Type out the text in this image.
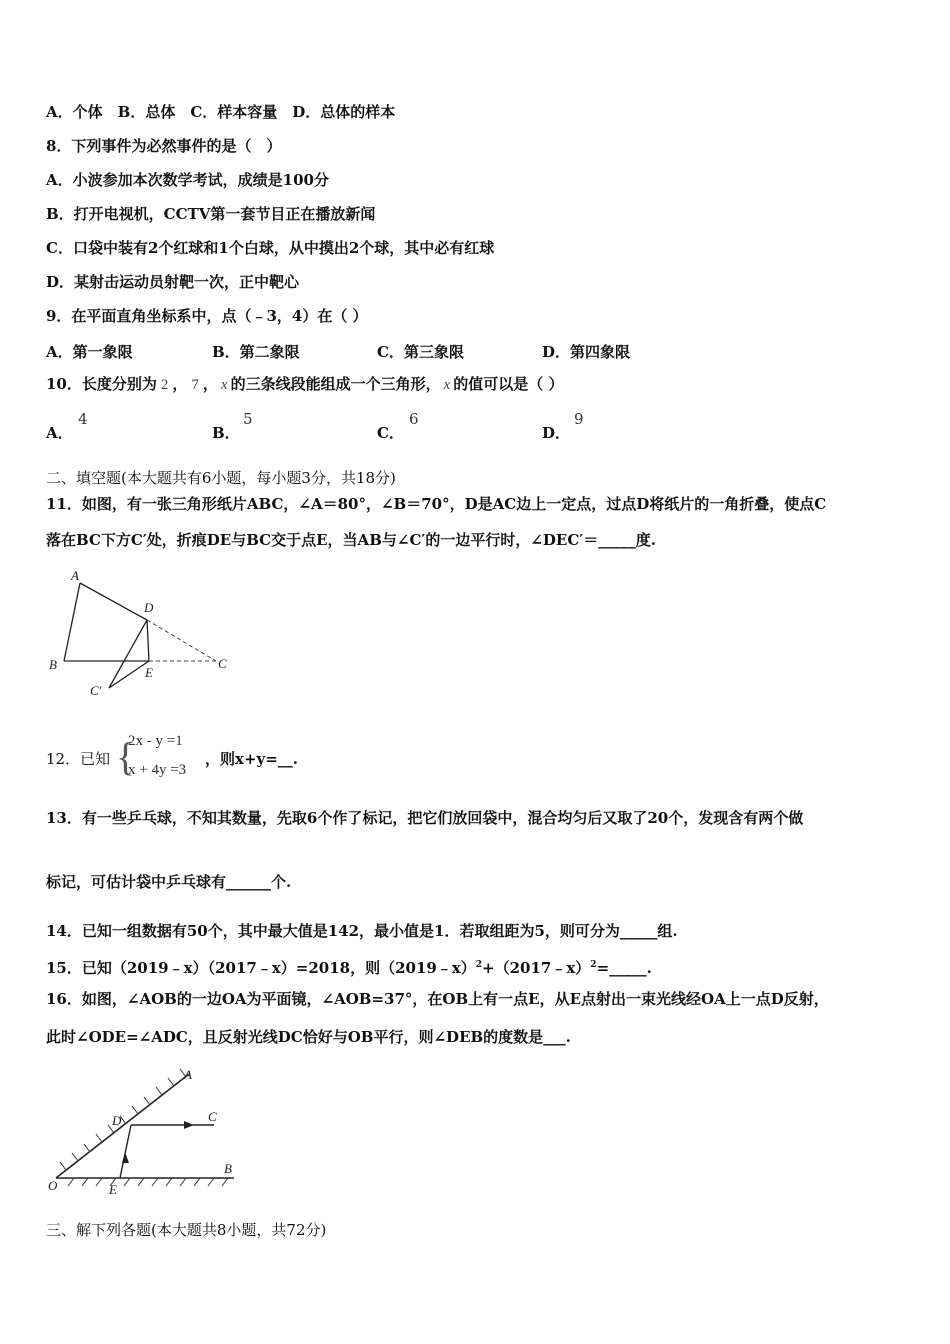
A．个体　B．总体　C．样本容量　D．总体的样本
8．下列事件为必然事件的是（　）
A．小波参加本次数学考试，成绩是100分
B．打开电视机，CCTV第一套节目正在播放新闻
C．口袋中装有2个红球和1个白球，从中摸出2个球，其中必有红球
D．某射击运动员射靶一次，正中靶心
9．在平面直角坐标系中，点（﹣3，4）在（ ）
A．第一象限	B．第二象限	C．第三象限	D．第四象限
10．长度分别为 2 ， 7 ， x 的三条线段能组成一个三角形， x 的值可以是（ ）
A．
4
B．
5
C．
6
D．
9
二、填空题(本大题共有6小题，每小题3分，共18分)
11．如图，有一张三角形纸片ABC，∠A＝80°，∠B＝70°，D是AC边上一定点，过点D将纸片的一角折叠，使点C
落在BC下方C′处，折痕DE与BC交于点E，当AB与∠C′的一边平行时，∠DEC′＝_____度.
A
B	C
D
E
C′
12．已知 {
2x - y =1
x + 4y =3
，则x+y=__.
13．有一些乒乓球，不知其数量，先取6个作了标记，把它们放回袋中，混合均匀后又取了20个，发现含有两个做
标记，可估计袋中乒乓球有______个.
14．已知一组数据有50个，其中最大值是142，最小值是1．若取组距为5，则可分为_____组.
15．已知（2019﹣x）（2017﹣x）=2018，则（2019﹣x）$^2$+（2017﹣x）$^2$=_____.
16．如图，∠AOB的一边OA为平面镜，∠AOB=37°，在OB上有一点E，从E点射出一束光线经OA上一点D反射，
此时∠ODE=∠ADC，且反射光线DC恰好与OB平行，则∠DEB的度数是___.
A
B
C
D
E
O
三、解下列各题(本大题共8小题，共72分)
